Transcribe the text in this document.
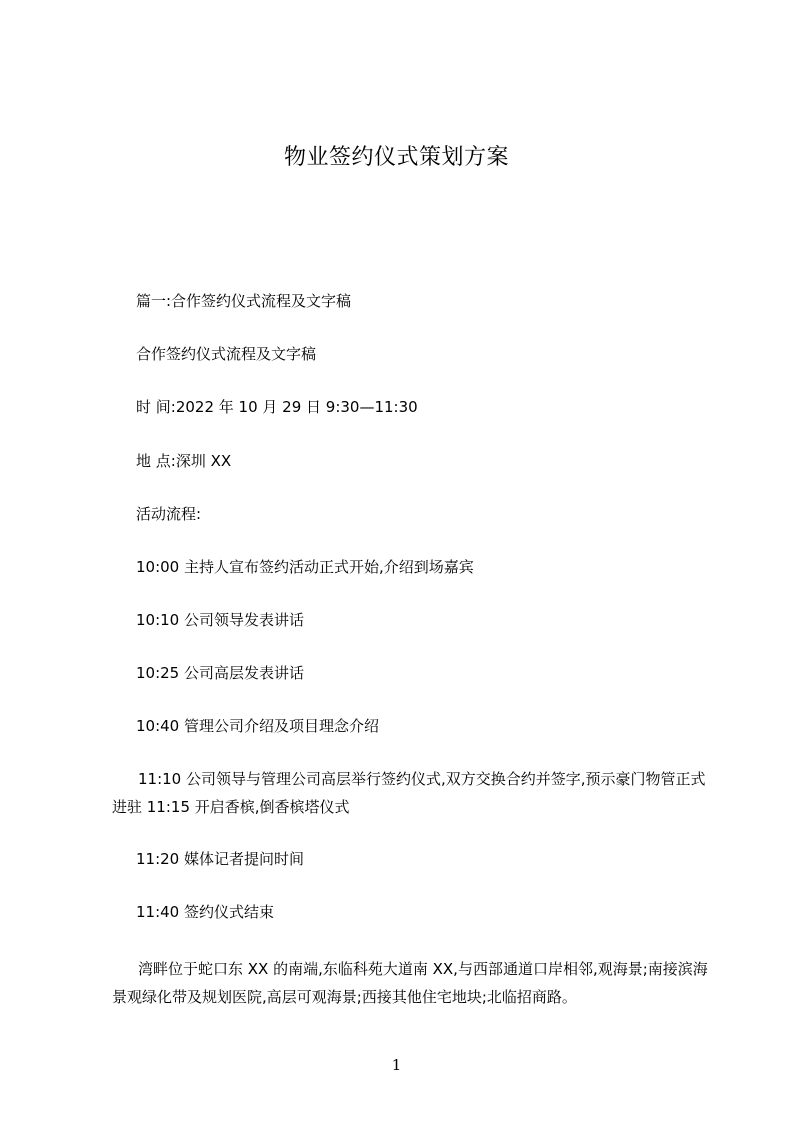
物业签约仪式策划方案
篇一:合作签约仪式流程及文字稿
合作签约仪式流程及文字稿
时 间:2022 年 10 月 29 日 9:30—11:30
地 点:深圳 XX
活动流程:
10:00 主持人宣布签约活动正式开始,介绍到场嘉宾
10:10 公司领导发表讲话
10:25 公司高层发表讲话
10:40 管理公司介绍及项目理念介绍
11:10 公司领导与管理公司高层举行签约仪式,双方交换合约并签字,预示豪门物管正式进驻 11:15 开启香槟,倒香槟塔仪式
11:20 媒体记者提问时间
11:40 签约仪式结束
湾畔位于蛇口东 XX 的南端,东临科苑大道南 XX,与西部通道口岸相邻,观海景;南接滨海景观绿化带及规划医院,高层可观海景;西接其他住宅地块;北临招商路。
1
